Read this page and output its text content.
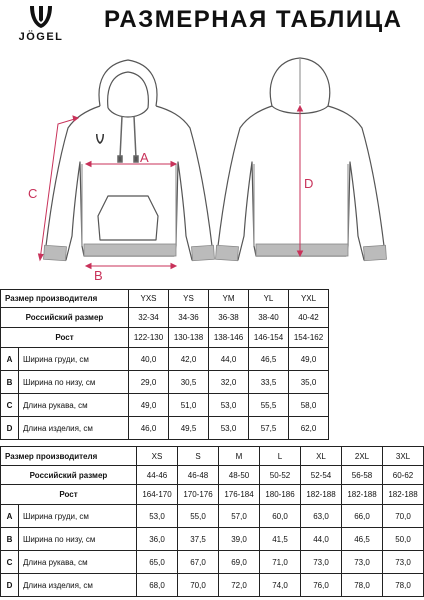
JÖGEL
РАЗМЕРНАЯ ТАБЛИЦА
A
B
C
D
Размер производителя		YXS	YS	YM	YL	YXL
Российский размер		32-34	34-36	36-38	38-40	40-42
Рост		122-130	130-138	138-146	146-154	154-162
A	Ширина груди, см	40,0	42,0	44,0	46,5	49,0
B	Ширина по низу, см	29,0	30,5	32,0	33,5	35,0
C	Длина рукава, см	49,0	51,0	53,0	55,5	58,0
D	Длина изделия, см	46,0	49,5	53,0	57,5	62,0
Размер производителя		XS	S	M	L	XL	2XL	3XL
Российский размер		44-46	46-48	48-50	50-52	52-54	56-58	60-62
Рост		164-170	170-176	176-184	180-186	182-188	182-188	182-188
A	Ширина груди, см	53,0	55,0	57,0	60,0	63,0	66,0	70,0
B	Ширина по низу, см	36,0	37,5	39,0	41,5	44,0	46,5	50,0
C	Длина рукава, см	65,0	67,0	69,0	71,0	73,0	73,0	73,0
D	Длина изделия, см	68,0	70,0	72,0	74,0	76,0	78,0	78,0
